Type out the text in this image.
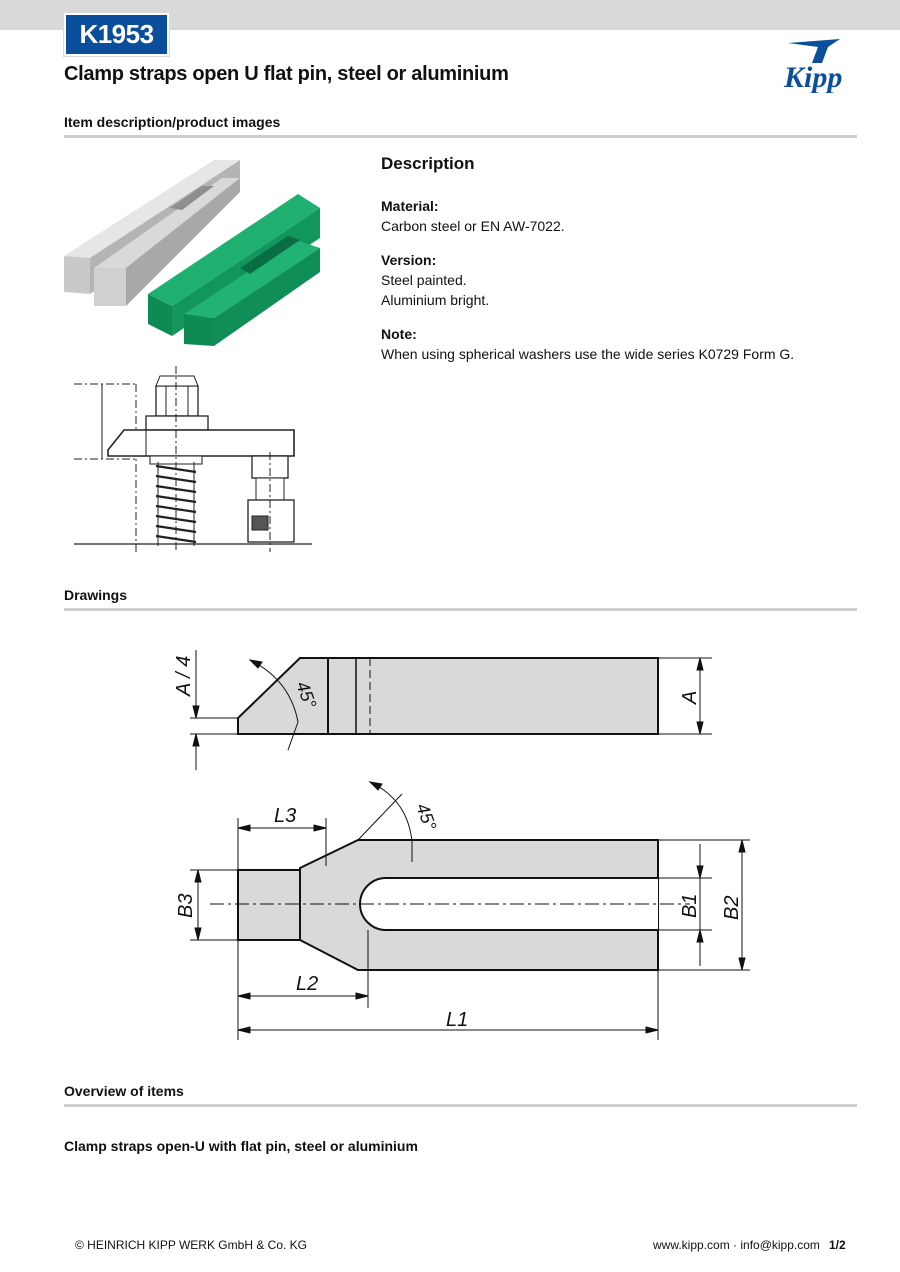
K1953
Clamp straps open U flat pin, steel or aluminium	Kipp
Item description/product images
Description
Material:
Carbon steel or EN AW-7022.
Version:
Steel painted.
Aluminium bright.
Note:
When using spherical washers use the wide series K0729 Form G.
Drawings
A / 4	45°	A
L3	45°
B3	B1 B2
L2
L1
Overview of items
Clamp straps open-U with flat pin, steel or aluminium
© HEINRICH KIPP WERK GmbH & Co. KG	www.kipp.com · info@kipp.com 1/2
